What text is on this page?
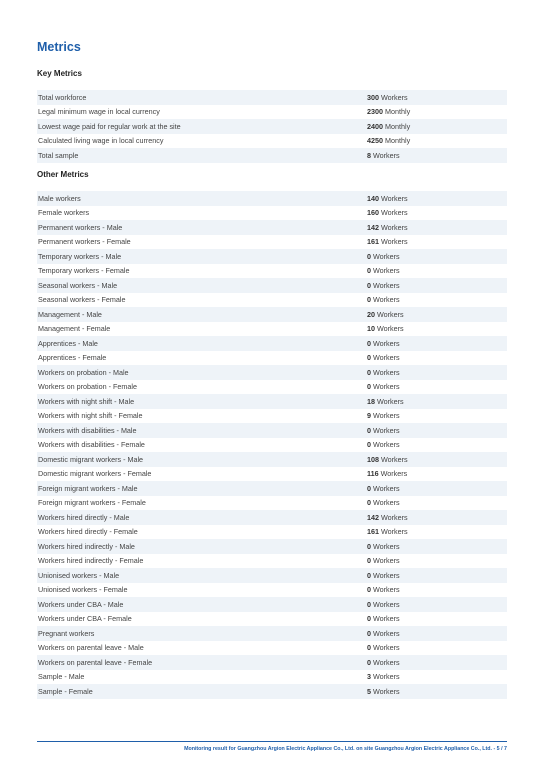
Metrics
Key Metrics
Total workforce	300 Workers
Legal minimum wage in local currency	2300 Monthly
Lowest wage paid for regular work at the site	2400 Monthly
Calculated living wage in local currency	4250 Monthly
Total sample	8 Workers
Other Metrics
Male workers	140 Workers
Female workers	160 Workers
Permanent workers - Male	142 Workers
Permanent workers - Female	161 Workers
Temporary workers - Male	0 Workers
Temporary workers - Female	0 Workers
Seasonal workers - Male	0 Workers
Seasonal workers - Female	0 Workers
Management - Male	20 Workers
Management - Female	10 Workers
Apprentices - Male	0 Workers
Apprentices - Female	0 Workers
Workers on probation - Male	0 Workers
Workers on probation - Female	0 Workers
Workers with night shift - Male	18 Workers
Workers with night shift - Female	9 Workers
Workers with disabilities - Male	0 Workers
Workers with disabilities - Female	0 Workers
Domestic migrant workers - Male	108 Workers
Domestic migrant workers - Female	116 Workers
Foreign migrant workers - Male	0 Workers
Foreign migrant workers - Female	0 Workers
Workers hired directly - Male	142 Workers
Workers hired directly - Female	161 Workers
Workers hired indirectly - Male	0 Workers
Workers hired indirectly - Female	0 Workers
Unionised workers - Male	0 Workers
Unionised workers - Female	0 Workers
Workers under CBA - Male	0 Workers
Workers under CBA - Female	0 Workers
Pregnant workers	0 Workers
Workers on parental leave - Male	0 Workers
Workers on parental leave - Female	0 Workers
Sample - Male	3 Workers
Sample - Female	5 Workers
Monitoring result for Guangzhou Argion Electric Appliance Co., Ltd. on site Guangzhou Argion Electric Appliance Co., Ltd. - 5 / 7
